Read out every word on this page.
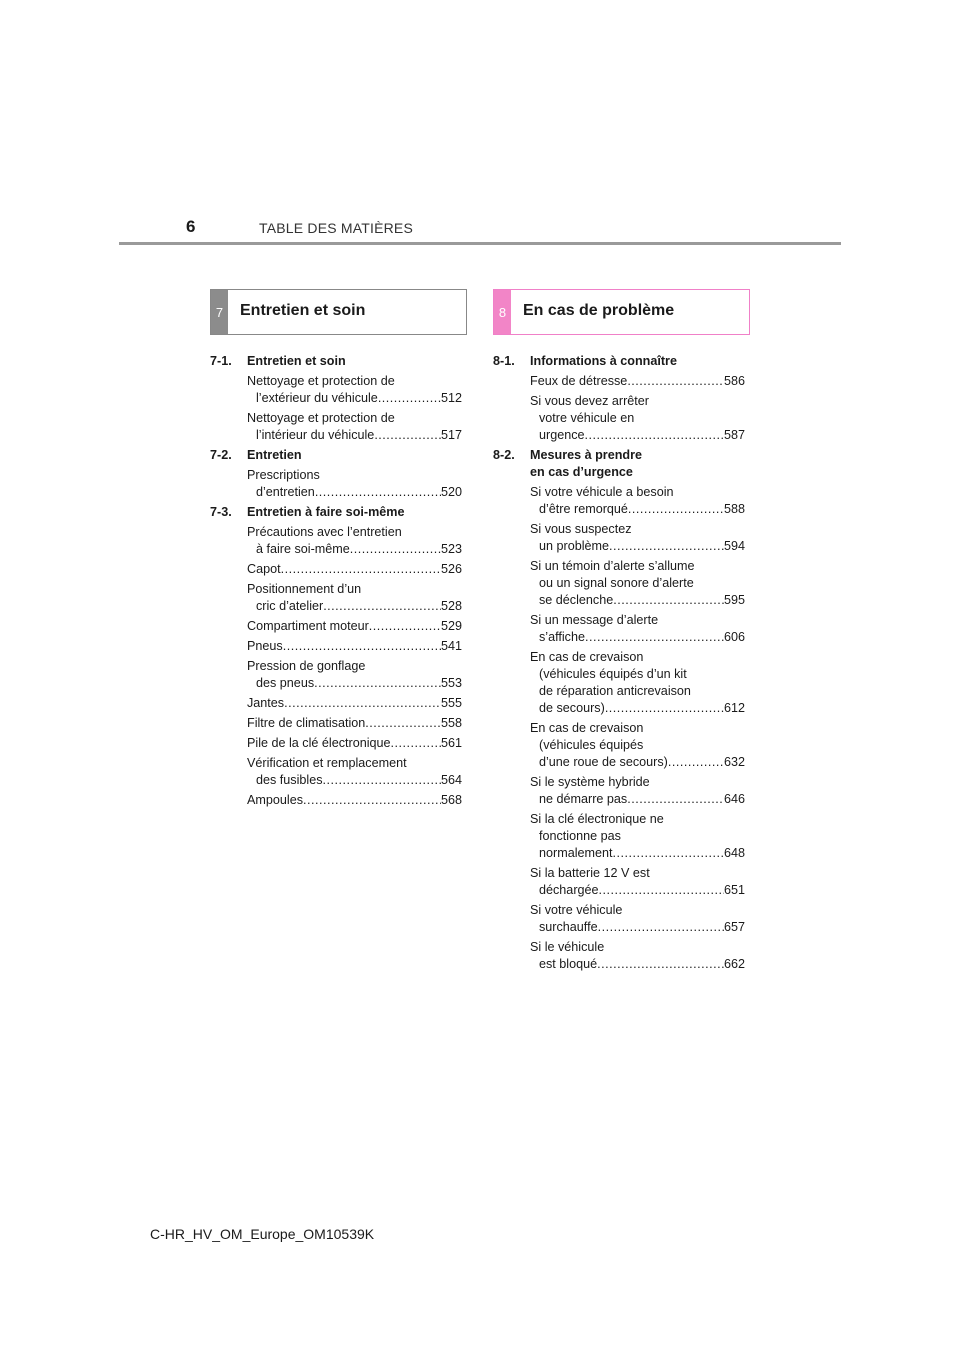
6	TABLE DES MATIÈRES
7	Entretien et soin	8	En cas de problème
7-1.	Entretien et soin
Nettoyage et protection de
l’extérieur du véhicule .....	512
Nettoyage et protection de
l’intérieur du véhicule .....	517
7-2.	Entretien
Prescriptions
d’entretien .....	520
7-3.	Entretien à faire soi-même
Précautions avec l’entretien
à faire soi-même .....	523
Capot .....	526
Positionnement d’un
cric d’atelier .....	528
Compartiment moteur .....	529
Pneus .....	541
Pression de gonflage
des pneus .....	553
Jantes .....	555
Filtre de climatisation .....	558
Pile de la clé électronique .....	561
Vérification et remplacement
des fusibles .....	564
Ampoules .....	568
8-1.	Informations à connaître
Feux de détresse .....	586
Si vous devez arrêter
votre véhicule en
urgence .....	587
8-2.	Mesures à prendre
en cas d’urgence
Si votre véhicule a besoin
d’être remorqué .....	588
Si vous suspectez
un problème .....	594
Si un témoin d’alerte s’allume
ou un signal sonore d’alerte
se déclenche .....	595
Si un message d’alerte
s’affiche .....	606
En cas de crevaison
(véhicules équipés d’un kit
de réparation anticrevaison
de secours) .....	612
En cas de crevaison
(véhicules équipés
d’une roue de secours) .....	632
Si le système hybride
ne démarre pas .....	646
Si la clé électronique ne
fonctionne pas
normalement .....	648
Si la batterie 12 V est
déchargée .....	651
Si votre véhicule
surchauffe .....	657
Si le véhicule
est bloqué .....	662
C-HR_HV_OM_Europe_OM10539K
